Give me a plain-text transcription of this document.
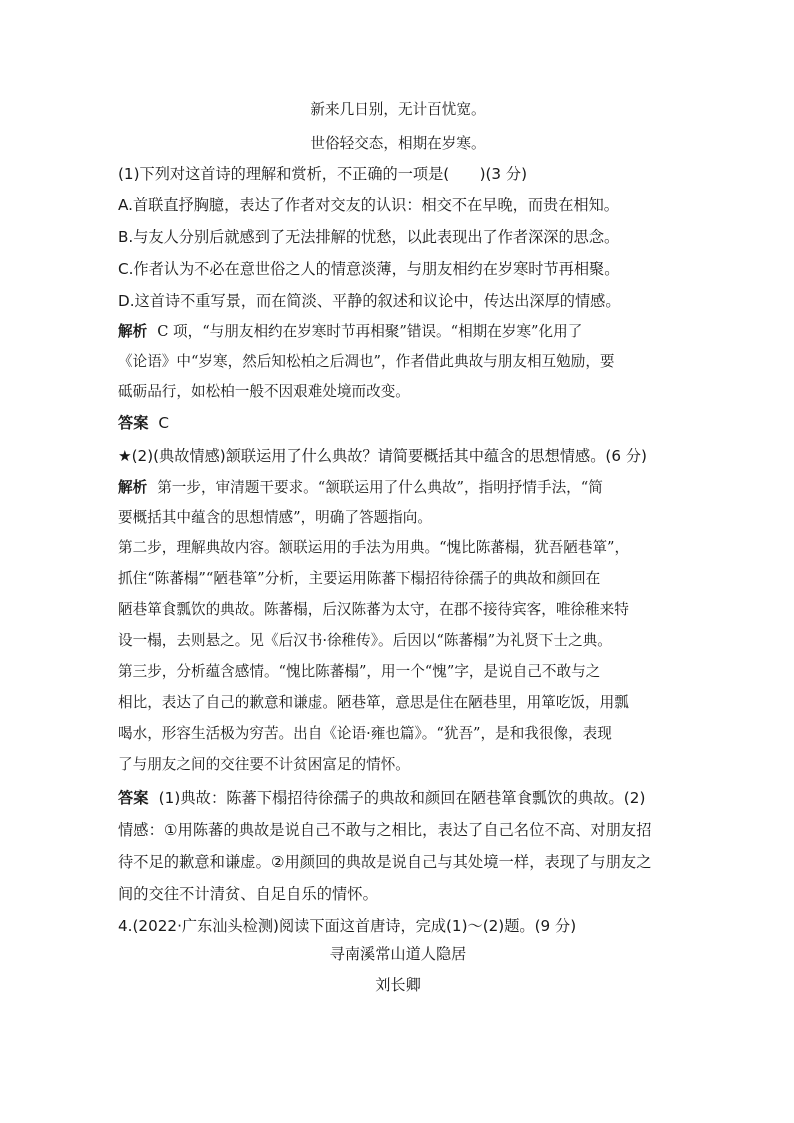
新来几日别，无计百忧宽。
世俗轻交态，相期在岁寒。
(1)下列对这首诗的理解和赏析，不正确的一项是(　　)(3 分)
A.首联直抒胸臆，表达了作者对交友的认识：相交不在早晚，而贵在相知。
B.与友人分别后就感到了无法排解的忧愁，以此表现出了作者深深的思念。
C.作者认为不必在意世俗之人的情意淡薄，与朋友相约在岁寒时节再相聚。
D.这首诗不重写景，而在简淡、平静的叙述和议论中，传达出深厚的情感。
解析 C 项，“与朋友相约在岁寒时节再相聚”错误。“相期在岁寒”化用了
《论语》中“岁寒，然后知松柏之后凋也”，作者借此典故与朋友相互勉励，要
砥砺品行，如松柏一般不因艰难处境而改变。
答案 C
★(2)(典故情感)颔联运用了什么典故？请简要概括其中蕴含的思想情感。(6 分)
解析 第一步，审清题干要求。“颔联运用了什么典故”，指明抒情手法，“简
要概括其中蕴含的思想情感”，明确了答题指向。
第二步，理解典故内容。颔联运用的手法为用典。“愧比陈蕃榻，犹吾陋巷箪”，
抓住“陈蕃榻”“陋巷箪”分析，主要运用陈蕃下榻招待徐孺子的典故和颜回在
陋巷箪食瓢饮的典故。陈蕃榻，后汉陈蕃为太守，在郡不接待宾客，唯徐稚来特
设一榻，去则悬之。见《后汉书·徐稚传》。后因以“陈蕃榻”为礼贤下士之典。
第三步，分析蕴含感情。“愧比陈蕃榻”，用一个“愧”字，是说自己不敢与之
相比，表达了自己的歉意和谦虚。陋巷箪，意思是住在陋巷里，用箪吃饭，用瓢
喝水，形容生活极为穷苦。出自《论语·雍也篇》。“犹吾”，是和我很像，表现
了与朋友之间的交往要不计贫困富足的情怀。
答案 (1)典故：陈蕃下榻招待徐孺子的典故和颜回在陋巷箪食瓢饮的典故。(2)
情感：①用陈蕃的典故是说自己不敢与之相比，表达了自己名位不高、对朋友招
待不足的歉意和谦虚。②用颜回的典故是说自己与其处境一样，表现了与朋友之
间的交往不计清贫、自足自乐的情怀。
4.(2022·广东汕头检测)阅读下面这首唐诗，完成(1)～(2)题。(9 分)
寻南溪常山道人隐居
刘长卿
